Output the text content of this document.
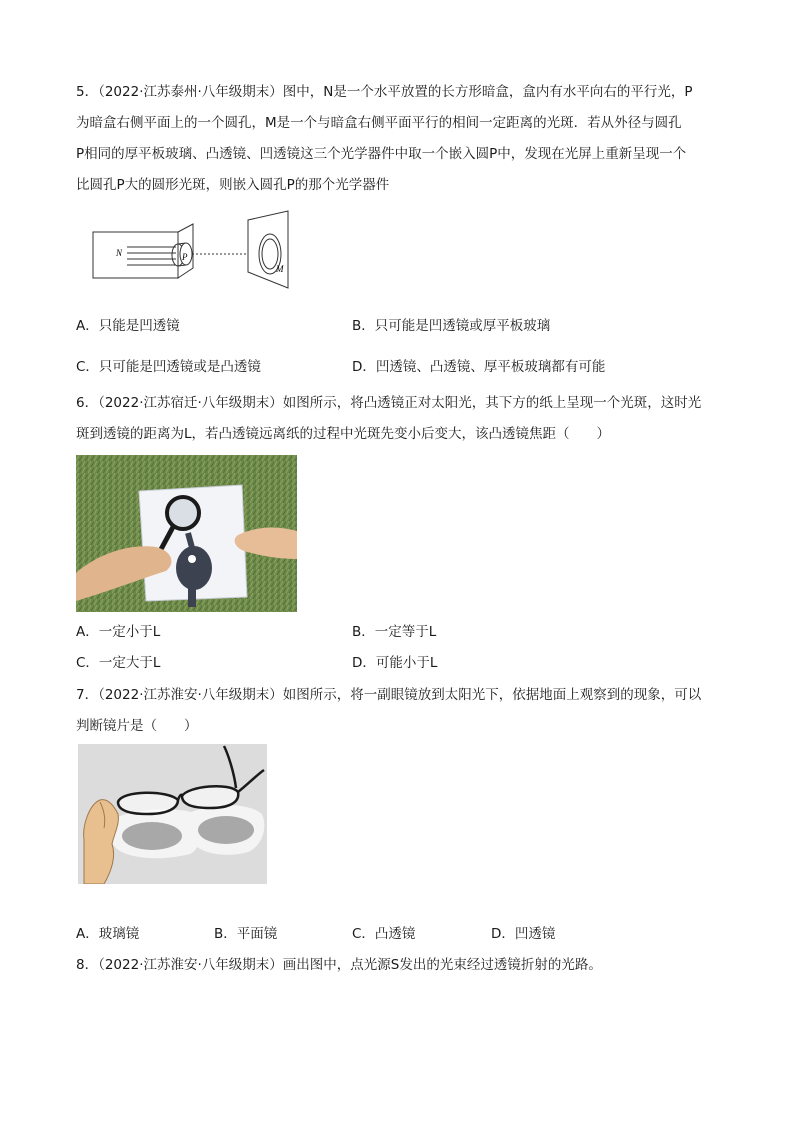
5．（2022·江苏泰州·八年级期末）图中，N是一个水平放置的长方形暗盒，盒内有水平向右的平行光，P
为暗盒右侧平面上的一个圆孔，M是一个与暗盒右侧平面平行的相间一定距离的光斑．若从外径与圆孔
P相同的厚平板玻璃、凸透镜、凹透镜这三个光学器件中取一个嵌入圆P中，发现在光屏上重新呈现一个
比圆孔P大的圆形光斑，则嵌入圆孔P的那个光学器件
N	P
M
A．只能是凹透镜	B．只可能是凹透镜或厚平板玻璃
C．只可能是凹透镜或是凸透镜	D．凹透镜、凸透镜、厚平板玻璃都有可能
6．（2022·江苏宿迁·八年级期末）如图所示，将凸透镜正对太阳光，其下方的纸上呈现一个光斑，这时光
斑到透镜的距离为L，若凸透镜远离纸的过程中光斑先变小后变大，该凸透镜焦距（　　）
A．一定小于L	B．一定等于L
C．一定大于L	D．可能小于L
7．（2022·江苏淮安·八年级期末）如图所示，将一副眼镜放到太阳光下，依据地面上观察到的现象，可以
判断镜片是（　　）
A．玻璃镜	B．平面镜	C．凸透镜	D．凹透镜
8．（2022·江苏淮安·八年级期末）画出图中，点光源S发出的光束经过透镜折射的光路。
